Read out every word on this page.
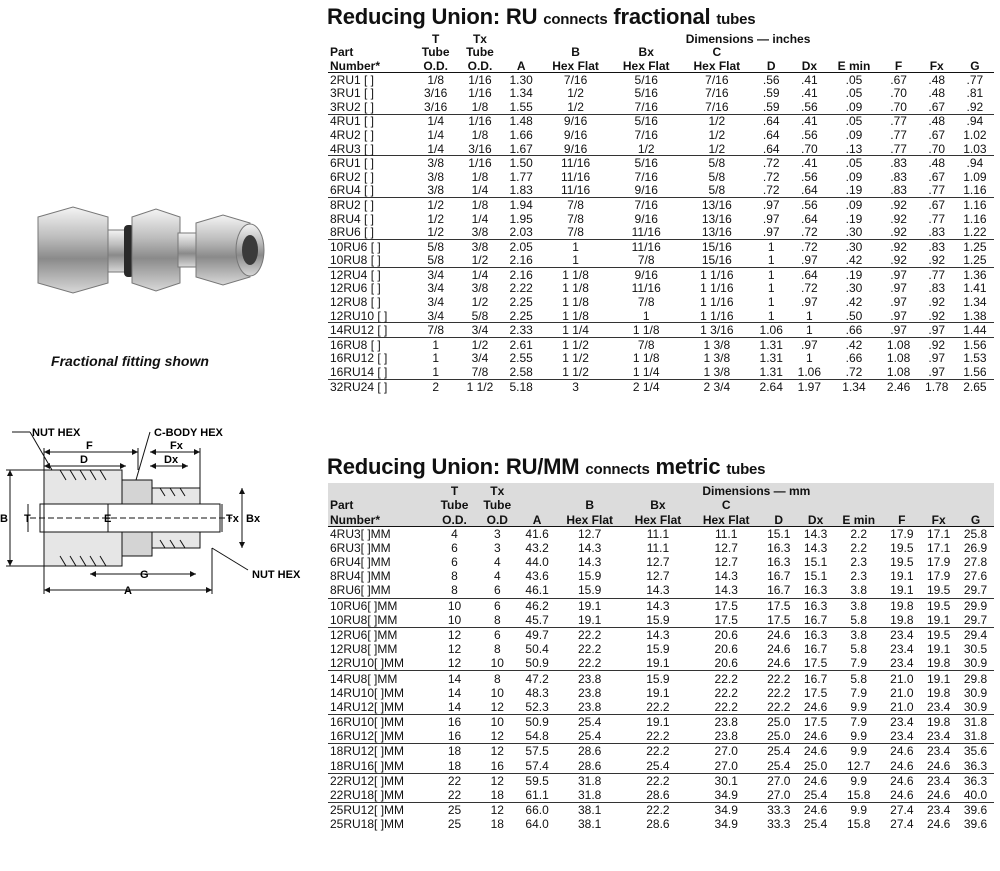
Fractional fitting shown
NUT HEX	C-BODY HEX
F
D
Fx
Dx
B T	E	Tx Bx
G
A
NUT HEX
Reducing Union: RU connects fractional tubes
	T	Tx	Dimensions — inches									
Part	Tube	Tube		B	Bx	C						
Number*	O.D.	O.D.	A	Hex Flat	Hex Flat	Hex Flat	D	Dx	E min	F	Fx	G
2RU1 [ ]	1/8	1/16	1.30	7/16	5/16	7/16	.56	.41	.05	.67	.48	.77
3RU1 [ ]	3/16	1/16	1.34	1/2	5/16	7/16	.59	.41	.05	.70	.48	.81
3RU2 [ ]	3/16	1/8	1.55	1/2	7/16	7/16	.59	.56	.09	.70	.67	.92
4RU1 [ ]	1/4	1/16	1.48	9/16	5/16	1/2	.64	.41	.05	.77	.48	.94
4RU2 [ ]	1/4	1/8	1.66	9/16	7/16	1/2	.64	.56	.09	.77	.67	1.02
4RU3 [ ]	1/4	3/16	1.67	9/16	1/2	1/2	.64	.70	.13	.77	.70	1.03
6RU1 [ ]	3/8	1/16	1.50	11/16	5/16	5/8	.72	.41	.05	.83	.48	.94
6RU2 [ ]	3/8	1/8	1.77	11/16	7/16	5/8	.72	.56	.09	.83	.67	1.09
6RU4 [ ]	3/8	1/4	1.83	11/16	9/16	5/8	.72	.64	.19	.83	.77	1.16
8RU2 [ ]	1/2	1/8	1.94	7/8	7/16	13/16	.97	.56	.09	.92	.67	1.16
8RU4 [ ]	1/2	1/4	1.95	7/8	9/16	13/16	.97	.64	.19	.92	.77	1.16
8RU6 [ ]	1/2	3/8	2.03	7/8	11/16	13/16	.97	.72	.30	.92	.83	1.22
10RU6 [ ]	5/8	3/8	2.05	1	11/16	15/16	1	.72	.30	.92	.83	1.25
10RU8 [ ]	5/8	1/2	2.16	1	7/8	15/16	1	.97	.42	.92	.92	1.25
12RU4 [ ]	3/4	1/4	2.16	1 1/8	9/16	1 1/16	1	.64	.19	.97	.77	1.36
12RU6 [ ]	3/4	3/8	2.22	1 1/8	11/16	1 1/16	1	.72	.30	.97	.83	1.41
12RU8 [ ]	3/4	1/2	2.25	1 1/8	7/8	1 1/16	1	.97	.42	.97	.92	1.34
12RU10 [ ]	3/4	5/8	2.25	1 1/8	1	1 1/16	1	1	.50	.97	.92	1.38
14RU12 [ ]	7/8	3/4	2.33	1 1/4	1 1/8	1 3/16	1.06	1	.66	.97	.97	1.44
16RU8 [ ]	1	1/2	2.61	1 1/2	7/8	1 3/8	1.31	.97	.42	1.08	.92	1.56
16RU12 [ ]	1	3/4	2.55	1 1/2	1 1/8	1 3/8	1.31	1	.66	1.08	.97	1.53
16RU14 [ ]	1	7/8	2.58	1 1/2	1 1/4	1 3/8	1.31	1.06	.72	1.08	.97	1.56
32RU24 [ ]	2	1 1/2	5.18	3	2 1/4	2 3/4	2.64	1.97	1.34	2.46	1.78	2.65
Reducing Union: RU/MM connects metric tubes
	T	Tx	Dimensions — mm									
Part	Tube	Tube		B	Bx	C						
Number*	O.D.	O.D	A	Hex Flat	Hex Flat	Hex Flat	D	Dx	E min	F	Fx	G
4RU3[ ]MM	4	3	41.6	12.7	11.1	11.1	15.1	14.3	2.2	17.9	17.1	25.8
6RU3[ ]MM	6	3	43.2	14.3	11.1	12.7	16.3	14.3	2.2	19.5	17.1	26.9
6RU4[ ]MM	6	4	44.0	14.3	12.7	12.7	16.3	15.1	2.3	19.5	17.9	27.8
8RU4[ ]MM	8	4	43.6	15.9	12.7	14.3	16.7	15.1	2.3	19.1	17.9	27.6
8RU6[ ]MM	8	6	46.1	15.9	14.3	14.3	16.7	16.3	3.8	19.1	19.5	29.7
10RU6[ ]MM	10	6	46.2	19.1	14.3	17.5	17.5	16.3	3.8	19.8	19.5	29.9
10RU8[ ]MM	10	8	45.7	19.1	15.9	17.5	17.5	16.7	5.8	19.8	19.1	29.7
12RU6[ ]MM	12	6	49.7	22.2	14.3	20.6	24.6	16.3	3.8	23.4	19.5	29.4
12RU8[ ]MM	12	8	50.4	22.2	15.9	20.6	24.6	16.7	5.8	23.4	19.1	30.5
12RU10[ ]MM	12	10	50.9	22.2	19.1	20.6	24.6	17.5	7.9	23.4	19.8	30.9
14RU8[ ]MM	14	8	47.2	23.8	15.9	22.2	22.2	16.7	5.8	21.0	19.1	29.8
14RU10[ ]MM	14	10	48.3	23.8	19.1	22.2	22.2	17.5	7.9	21.0	19.8	30.9
14RU12[ ]MM	14	12	52.3	23.8	22.2	22.2	22.2	24.6	9.9	21.0	23.4	30.9
16RU10[ ]MM	16	10	50.9	25.4	19.1	23.8	25.0	17.5	7.9	23.4	19.8	31.8
16RU12[ ]MM	16	12	54.8	25.4	22.2	23.8	25.0	24.6	9.9	23.4	23.4	31.8
18RU12[ ]MM	18	12	57.5	28.6	22.2	27.0	25.4	24.6	9.9	24.6	23.4	35.6
18RU16[ ]MM	18	16	57.4	28.6	25.4	27.0	25.4	25.0	12.7	24.6	24.6	36.3
22RU12[ ]MM	22	12	59.5	31.8	22.2	30.1	27.0	24.6	9.9	24.6	23.4	36.3
22RU18[ ]MM	22	18	61.1	31.8	28.6	34.9	27.0	25.4	15.8	24.6	24.6	40.0
25RU12[ ]MM	25	12	66.0	38.1	22.2	34.9	33.3	24.6	9.9	27.4	23.4	39.6
25RU18[ ]MM	25	18	64.0	38.1	28.6	34.9	33.3	25.4	15.8	27.4	24.6	39.6
